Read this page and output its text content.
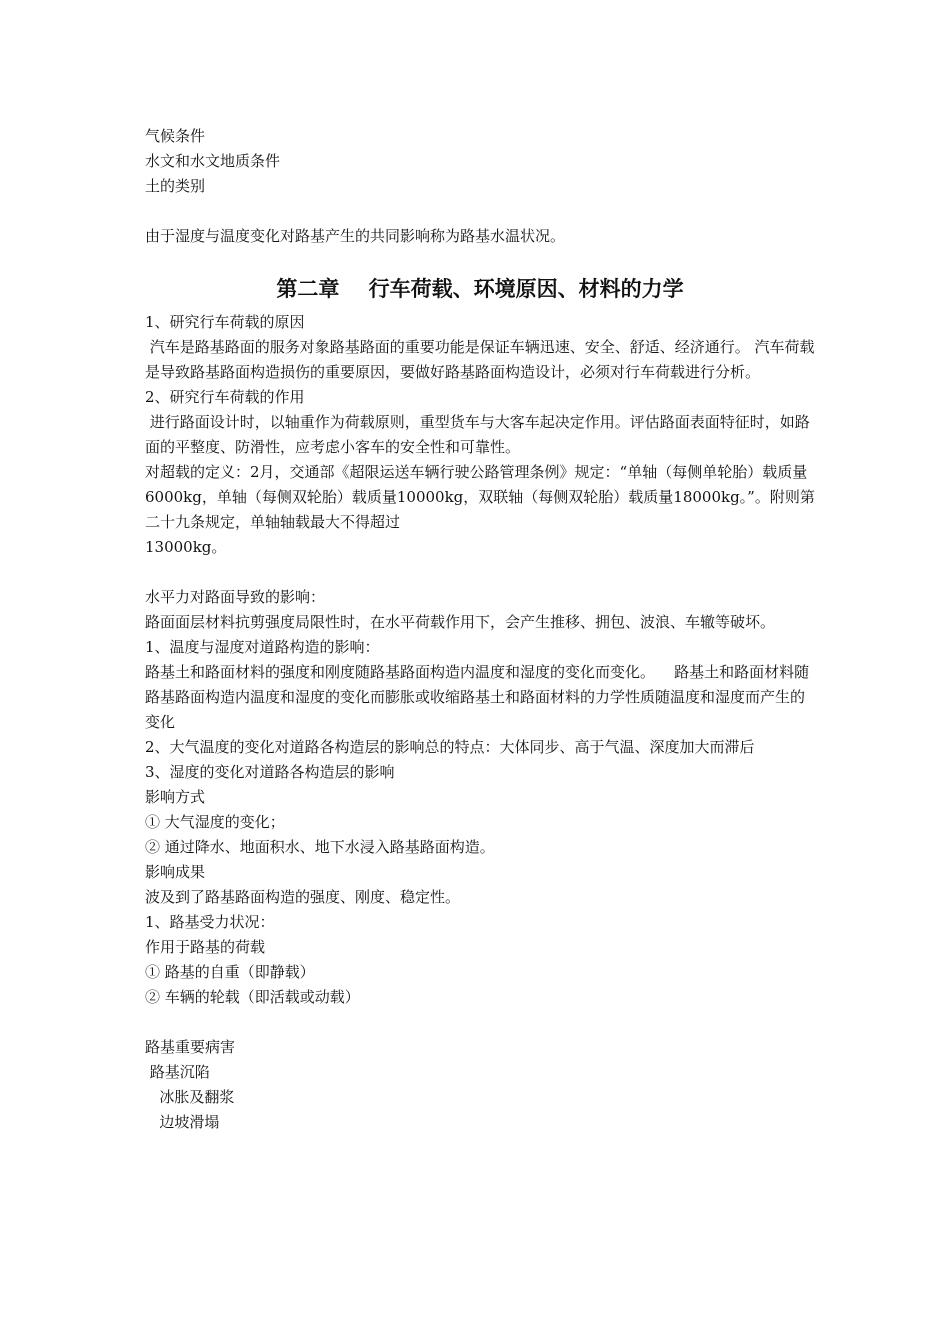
气候条件
水文和水文地质条件
土的类别
由于湿度与温度变化对路基产生的共同影响称为路基水温状况。
第二章    行车荷载、环境原因、材料的力学
1、研究行车荷载的原因
汽车是路基路面的服务对象路基路面的重要功能是保证车辆迅速、安全、舒适、经济通行。 汽车荷载是导致路基路面构造损伤的重要原因，要做好路基路面构造设计，必须对行车荷载进行分析。
2、研究行车荷载的作用
进行路面设计时，以轴重作为荷载原则，重型货车与大客车起决定作用。评估路面表面特征时，如路面的平整度、防滑性，应考虑小客车的安全性和可靠性。
对超载的定义：2月，交通部《超限运送车辆行驶公路管理条例》规定：“单轴（每侧单轮胎）载质量6000kg，单轴（每侧双轮胎）载质量10000kg，双联轴（每侧双轮胎）载质量18000kg。”。附则第二十九条规定，单轴轴载最大不得超过
13000kg。
水平力对路面导致的影响：
路面面层材料抗剪强度局限性时，在水平荷载作用下，会产生推移、拥包、波浪、车辙等破坏。
1、温度与湿度对道路构造的影响：
路基土和路面材料的强度和刚度随路基路面构造内温度和湿度的变化而变化。    路基土和路面材料随路基路面构造内温度和湿度的变化而膨胀或收缩路基土和路面材料的力学性质随温度和湿度而产生的变化
2、大气温度的变化对道路各构造层的影响总的特点：大体同步、高于气温、深度加大而滞后
3、湿度的变化对道路各构造层的影响
影响方式
① 大气湿度的变化；
② 通过降水、地面积水、地下水浸入路基路面构造。
影响成果
波及到了路基路面构造的强度、刚度、稳定性。
1、路基受力状况：
作用于路基的荷载
① 路基的自重（即静载）
② 车辆的轮载（即活载或动载）
路基重要病害
路基沉陷
冰胀及翻浆
边坡滑塌
